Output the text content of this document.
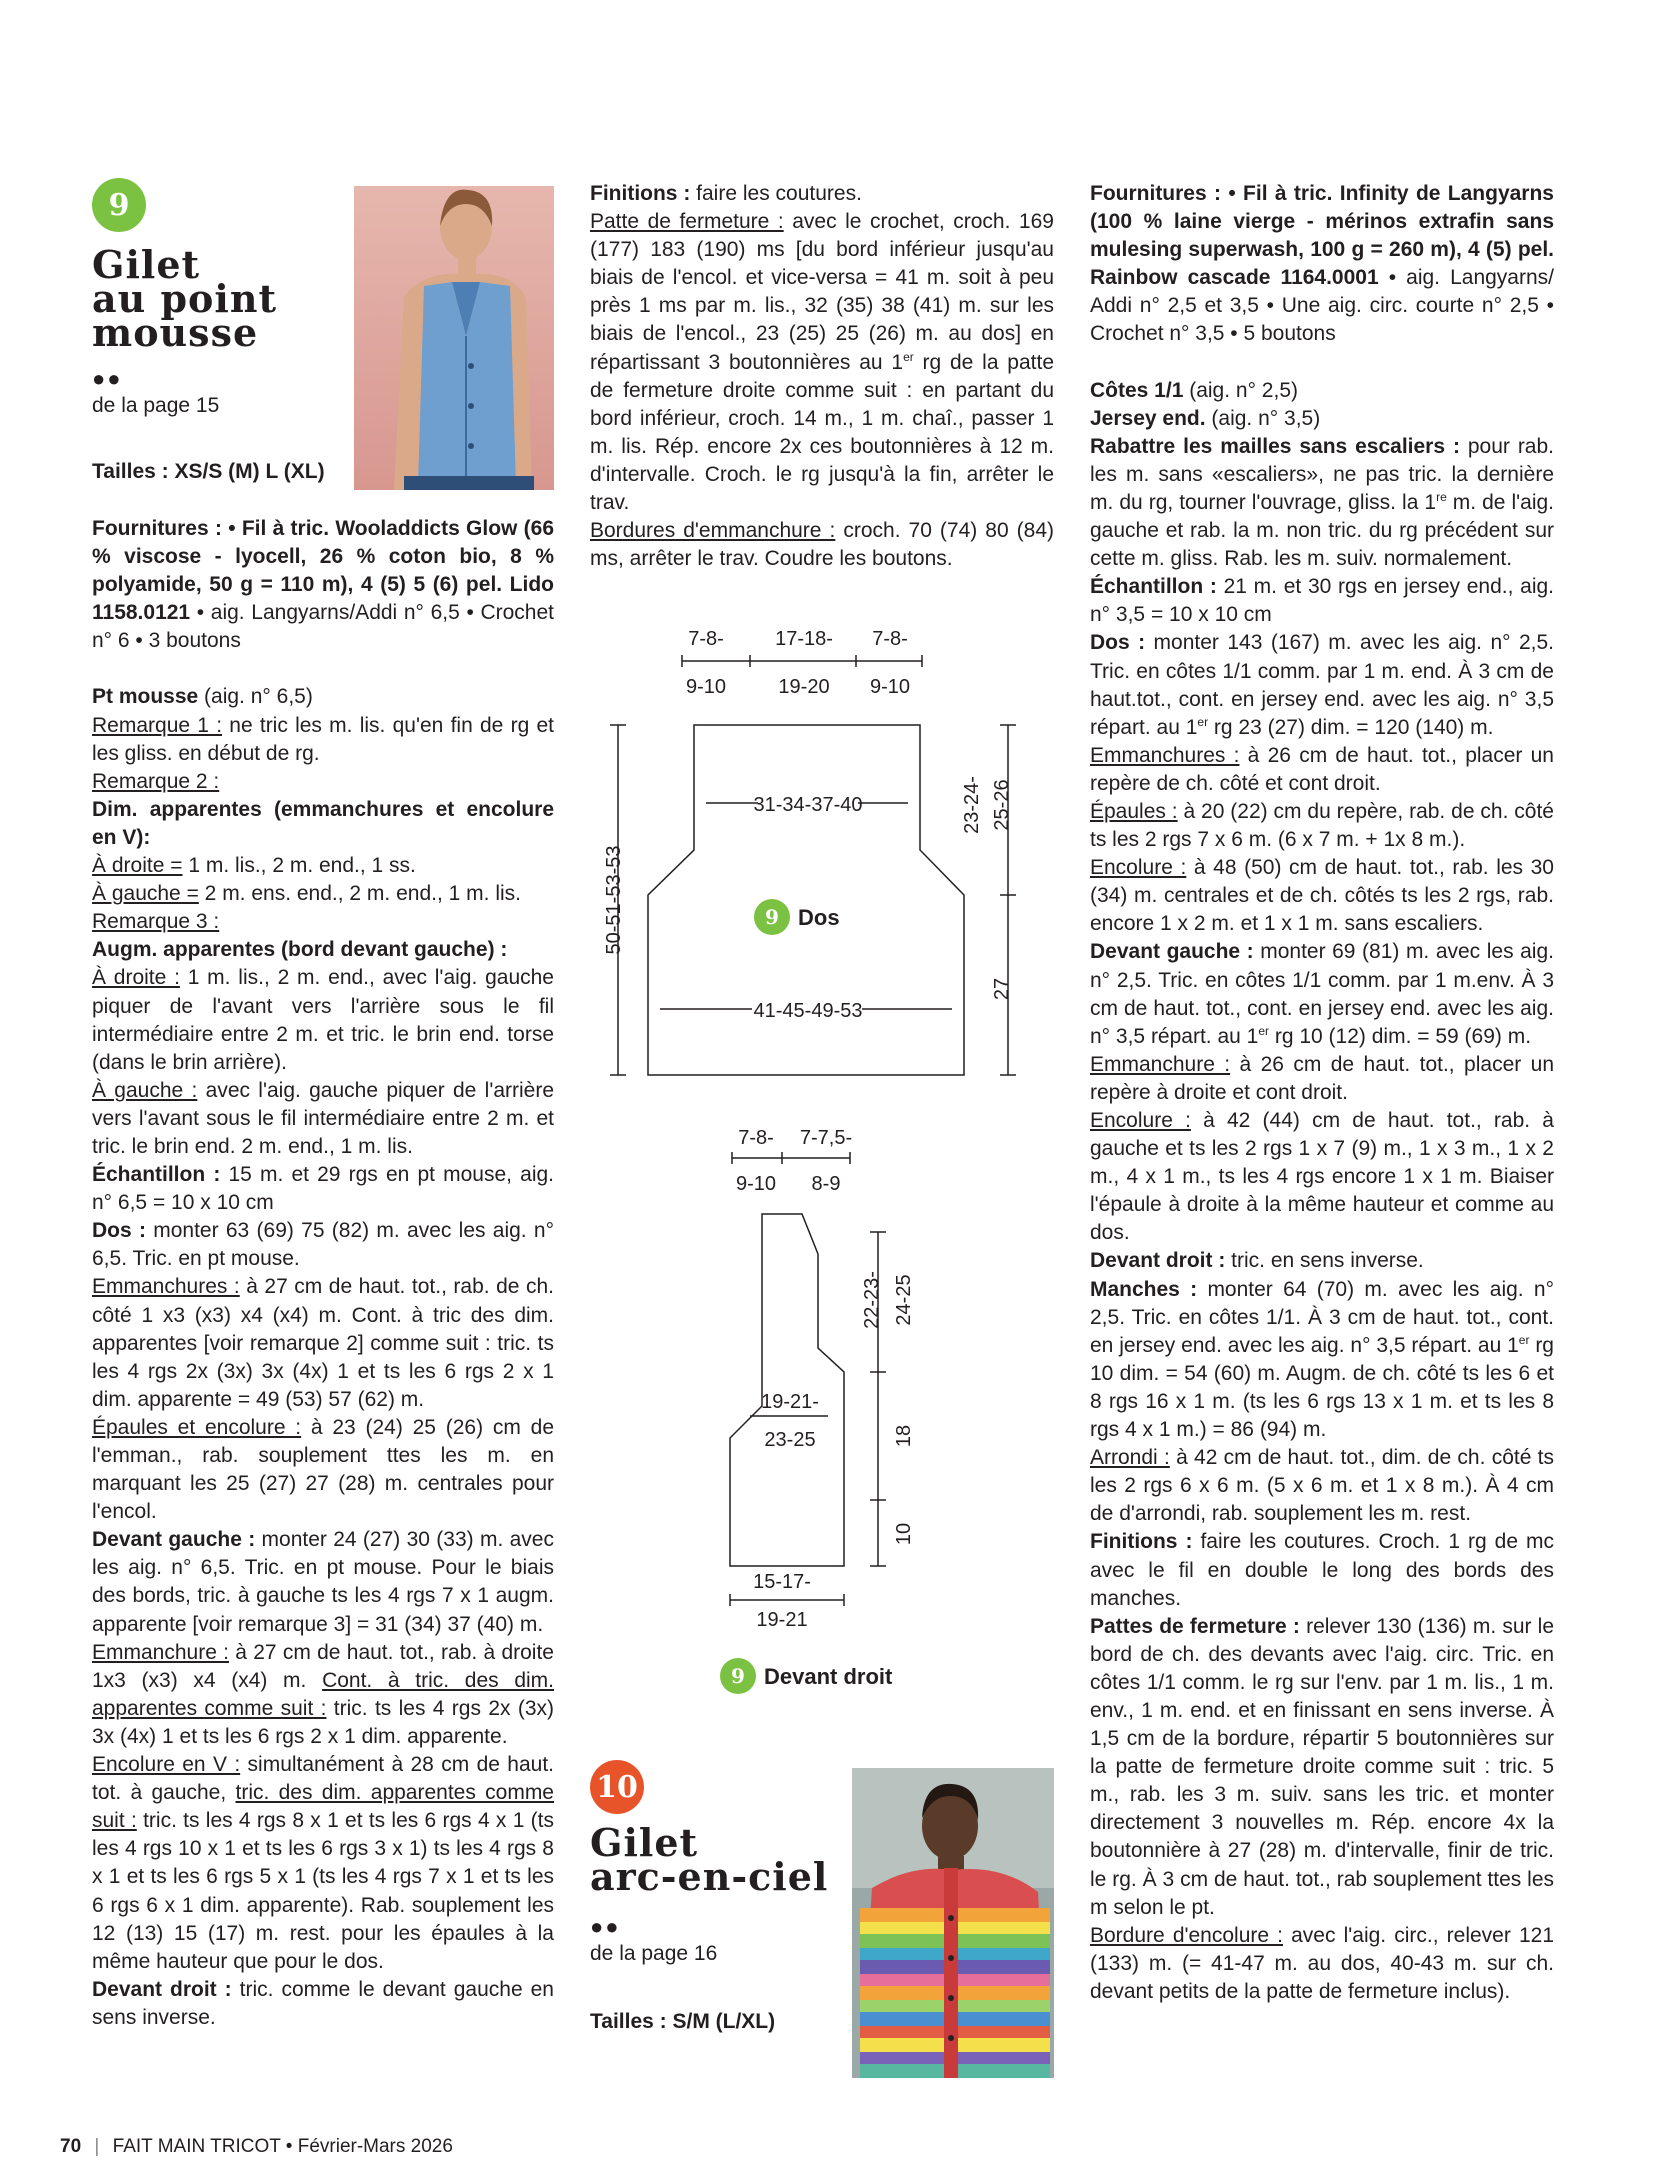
9

Gilet

au point

mousse

●●
de la page 15
Tailles : XS/S (M) L (XL)

Fournitures : • Fil à tric. Wooladdicts Glow (66 % viscose - lyocell, 26 % coton bio, 8 % polyamide, 50 g = 110 m), 4 (5) 5 (6) pel. Lido 1158.0121 • aig. Langyarns/Addi n° 6,5 • Crochet n° 6 • 3 boutons

Pt mousse (aig. n° 6,5)

Remarque 1 : ne tric les m. lis. qu'en fin de rg et les gliss. en début de rg.

Remarque 2 :

Dim. apparentes (emmanchures et encolure en V):

À droite = 1 m. lis., 2 m. end., 1 ss.

À gauche = 2 m. ens. end., 2 m. end., 1 m. lis.

Remarque 3 :

Augm. apparentes (bord devant gauche) :

À droite : 1 m. lis., 2 m. end., avec l'aig. gauche piquer de l'avant vers l'arrière sous le fil intermédiaire entre 2 m. et tric. le brin end. torse (dans le brin arrière).

À gauche : avec l'aig. gauche piquer de l'arrière vers l'avant sous le fil intermédiaire entre 2 m. et tric. le brin end. 2 m. end., 1 m. lis.

Échantillon : 15 m. et 29 rgs en pt mouse, aig. n° 6,5 = 10 x 10 cm

Dos : monter 63 (69) 75 (82) m. avec les aig. n° 6,5. Tric. en pt mouse.

Emmanchures : à 27 cm de haut. tot., rab. de ch. côté 1 x3 (x3) x4 (x4) m. Cont. à tric des dim. apparentes [voir remarque 2] comme suit : tric. ts les 4 rgs 2x (3x) 3x (4x) 1 et ts les 6 rgs 2 x 1 dim. apparente = 49 (53) 57 (62) m.

Épaules et encolure : à 23 (24) 25 (26) cm de l'emman., rab. souplement ttes les m. en marquant les 25 (27) 27 (28) m. centrales pour l'encol.

Devant gauche : monter 24 (27) 30 (33) m. avec les aig. n° 6,5. Tric. en pt mouse. Pour le biais des bords, tric. à gauche ts les 4 rgs 7 x 1 augm. apparente [voir remarque 3] = 31 (34) 37 (40) m.

Emmanchure : à 27 cm de haut. tot., rab. à droite 1x3 (x3) x4 (x4) m. Cont. à tric. des dim. apparentes comme suit : tric. ts les 4 rgs 2x (3x) 3x (4x) 1 et ts les 6 rgs 2 x 1 dim. apparente.

Encolure en V : simultanément à 28 cm de haut. tot. à gauche, tric. des dim. apparentes comme suit : tric. ts les 4 rgs 8 x 1 et ts les 6 rgs 4 x 1 (ts les 4 rgs 10 x 1 et ts les 6 rgs 3 x 1) ts les 4 rgs 8 x 1 et ts les 6 rgs 5 x 1 (ts les 4 rgs 7 x 1 et ts les 6 rgs 6 x 1 dim. apparente). Rab. souplement les 12 (13) 15 (17) m. rest. pour les épaules à la même hauteur que pour le dos.

Devant droit : tric. comme le devant gauche en sens inverse.

Finitions : faire les coutures.

Patte de fermeture : avec le crochet, croch. 169 (177) 183 (190) ms [du bord inférieur jusqu'au biais de l'encol. et vice-versa = 41 m. soit à peu près 1 ms par m. lis., 32 (35) 38 (41) m. sur les biais de l'encol., 23 (25) 25 (26) m. au dos] en répartissant 3 boutonnières au 1er rg de la patte de fermeture droite comme suit : en partant du bord inférieur, croch. 14 m., 1 m. chaî., passer 1 m. lis. Rép. encore 2x ces boutonnières à 12 m. d'intervalle. Croch. le rg jusqu'à la fin, arrêter le trav.

Bordures d'emmanchure : croch. 70 (74) 80 (84) ms, arrêter le trav. Coudre les boutons.

Fournitures : • Fil à tric. Infinity de Langyarns (100 % laine vierge - mérinos extrafin sans mulesing superwash, 100 g = 260 m), 4 (5) pel. Rainbow cascade 1164.0001 • aig. Langyarns/ Addi n° 2,5 et 3,5 • Une aig. circ. courte n° 2,5 • Crochet n° 3,5 • 5 boutons

Côtes 1/1 (aig. n° 2,5)

Jersey end. (aig. n° 3,5)

Rabattre les mailles sans escaliers : pour rab. les m. sans «escaliers», ne pas tric. la dernière m. du rg, tourner l'ouvrage, gliss. la 1re m. de l'aig. gauche et rab. la m. non tric. du rg précédent sur cette m. gliss. Rab. les m. suiv. normalement.

Échantillon : 21 m. et 30 rgs en jersey end., aig. n° 3,5 = 10 x 10 cm

Dos : monter 143 (167) m. avec les aig. n° 2,5. Tric. en côtes 1/1 comm. par 1 m. end. À 3 cm de haut.tot., cont. en jersey end. avec les aig. n° 3,5 répart. au 1er rg 23 (27) dim. = 120 (140) m.

Emmanchures : à 26 cm de haut. tot., placer un repère de ch. côté et cont droit.

Épaules : à 20 (22) cm du repère, rab. de ch. côté ts les 2 rgs 7 x 6 m. (6 x 7 m. + 1x 8 m.).

Encolure : à 48 (50) cm de haut. tot., rab. les 30 (34) m. centrales et de ch. côtés ts les 2 rgs, rab. encore 1 x 2 m. et 1 x 1 m. sans escaliers.

Devant gauche : monter 69 (81) m. avec les aig. n° 2,5. Tric. en côtes 1/1 comm. par 1 m.env. À 3 cm de haut. tot., cont. en jersey end. avec les aig. n° 3,5 répart. au 1er rg 10 (12) dim. = 59 (69) m.

Emmanchure : à 26 cm de haut. tot., placer un repère à droite et cont droit.

Encolure : à 42 (44) cm de haut. tot., rab. à gauche et ts les 2 rgs 1 x 7 (9) m., 1 x 3 m., 1 x 2 m., 4 x 1 m., ts les 4 rgs encore 1 x 1 m. Biaiser l'épaule à droite à la même hauteur et comme au dos.

Devant droit : tric. en sens inverse.

Manches : monter 64 (70) m. avec les aig. n° 2,5. Tric. en côtes 1/1. À 3 cm de haut. tot., cont. en jersey end. avec les aig. n° 3,5 répart. au 1er rg 10 dim. = 54 (60) m. Augm. de ch. côté ts les 6 et 8 rgs 16 x 1 m. (ts les 6 rgs 13 x 1 m. et ts les 8 rgs 4 x 1 m.) = 86 (94) m.

Arrondi : à 42 cm de haut. tot., dim. de ch. côté ts les 2 rgs 6 x 6 m. (5 x 6 m. et 1 x 8 m.). À 4 cm de d'arrondi, rab. souplement les m. rest.

Finitions : faire les coutures. Croch. 1 rg de mc avec le fil en double le long des bords des manches.

Pattes de fermeture : relever 130 (136) m. sur le bord de ch. des devants avec l'aig. circ. Tric. en côtes 1/1 comm. le rg sur l'env. par 1 m. lis., 1 m. env., 1 m. end. et en finissant en sens inverse. À 1,5 cm de la bordure, répartir 5 boutonnières sur la patte de fermeture droite comme suit : tric. 5 m., rab. les 3 m. suiv. sans les tric. et monter directement 3 nouvelles m. Rép. encore 4x la boutonnière à 27 (28) m. d'intervalle, finir de tric. le rg. À 3 cm de haut. tot., rab souplement ttes les m selon le pt.

Bordure d'encolure : avec l'aig. circ., relever 121 (133) m. (= 41-47 m. au dos, 40-43 m. sur ch. devant petits de la patte de fermeture inclus).

7-8-
9-10
17-18-
19-20
7-8-
9-10
31-34-37-40
41-45-49-53
50-51-53-53
23-24- 25-26
27
9 Dos
7-8- 7-7,5-
9-10 8-9
19-21-
23-25
22-23- 24-25
18
10
15-17-
19-21
9 Devant droit
10

Gilet

arc-en-ciel

●●
de la page 16
Tailles : S/M (L/XL)
70 | FAIT MAIN TRICOT • Février-Mars 2026
